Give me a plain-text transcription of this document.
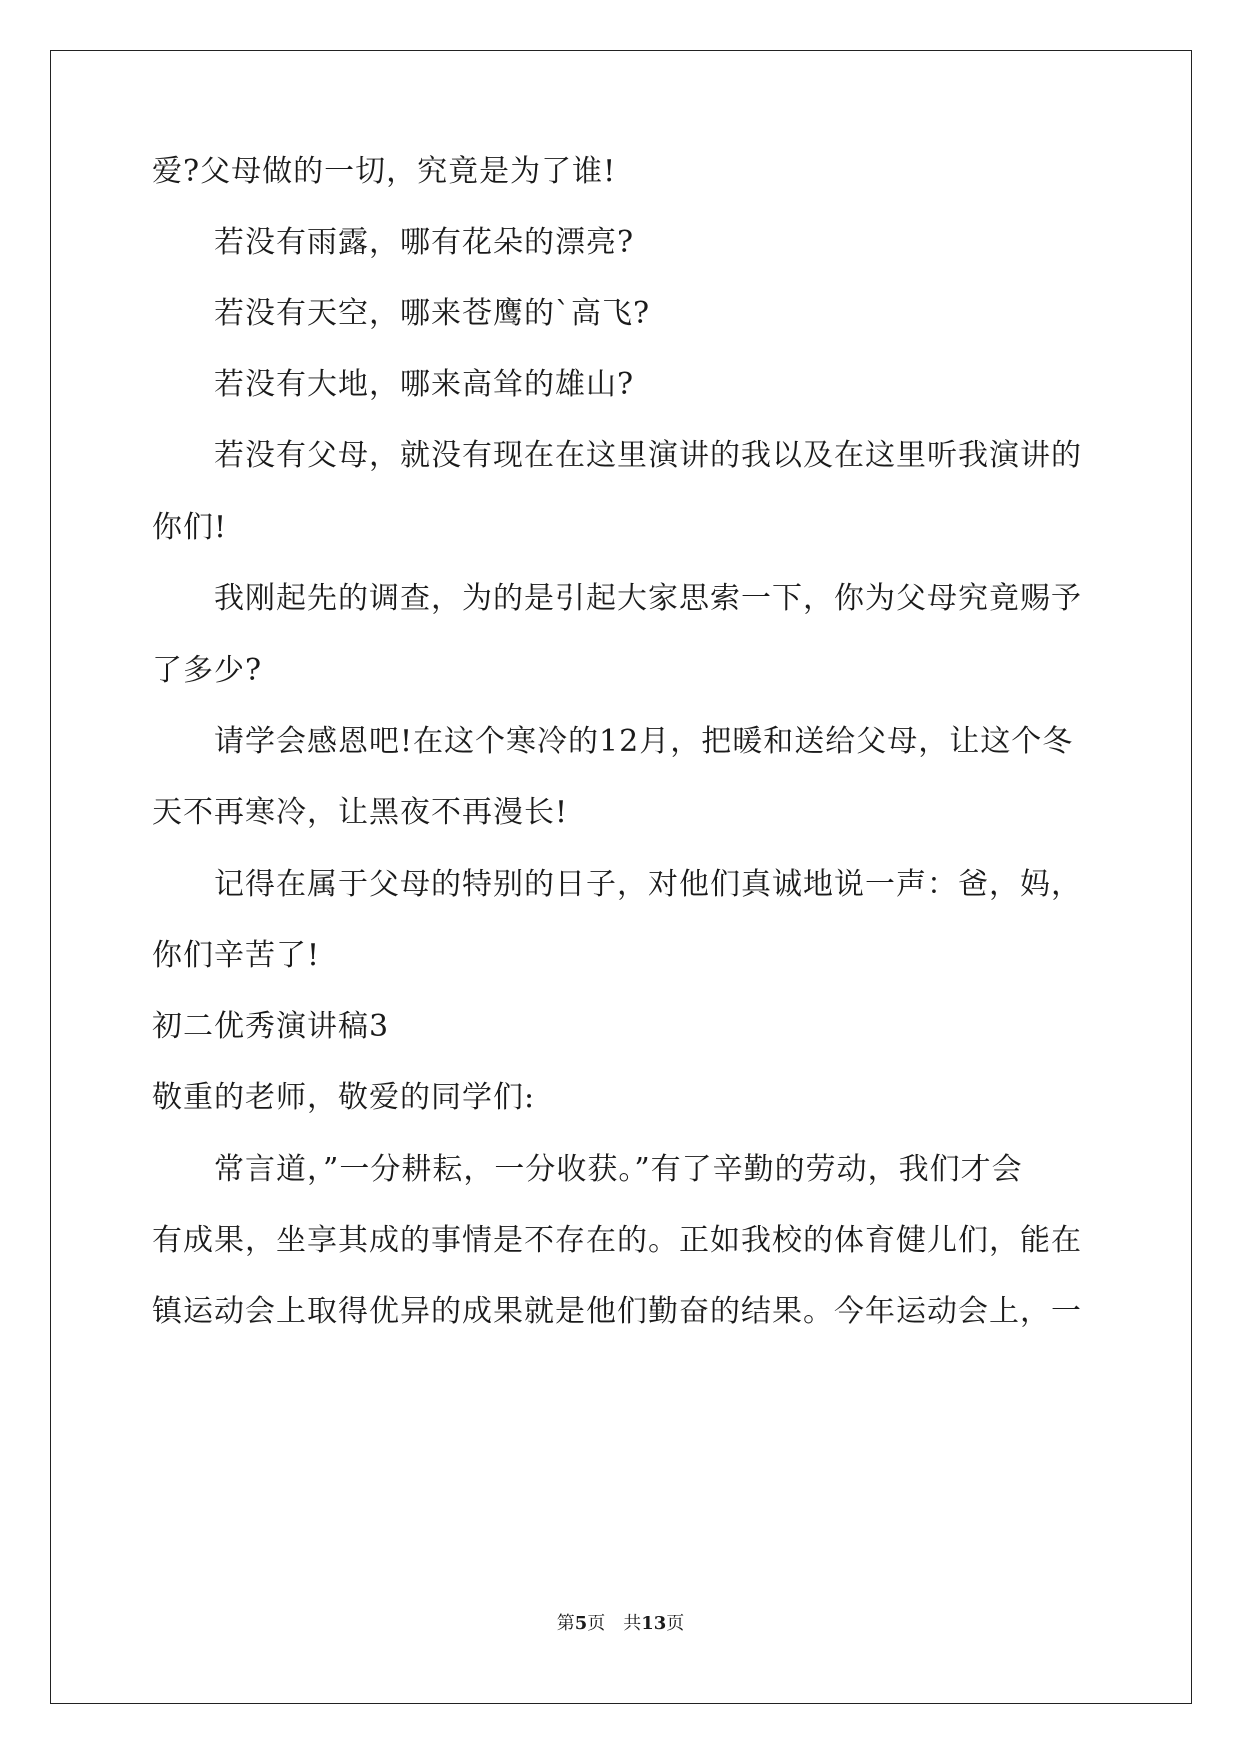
爱?父母做的一切，究竟是为了谁!
若没有雨露，哪有花朵的漂亮?
若没有天空，哪来苍鹰的`高飞?
若没有大地，哪来高耸的雄山?
若没有父母，就没有现在在这里演讲的我以及在这里听我演讲的
你们!
我刚起先的调查，为的是引起大家思索一下，你为父母究竟赐予
了多少?
请学会感恩吧!在这个寒冷的12月，把暖和送给父母，让这个冬
天不再寒冷，让黑夜不再漫长!
记得在属于父母的特别的日子，对他们真诚地说一声：爸，妈，
你们辛苦了!
初二优秀演讲稿3
敬重的老师，敬爱的同学们:
常言道，”一分耕耘，一分收获。”有了辛勤的劳动，我们才会
有成果，坐享其成的事情是不存在的。正如我校的体育健儿们，能在
镇运动会上取得优异的成果就是他们勤奋的结果。今年运动会上，一
第5页　共13页
